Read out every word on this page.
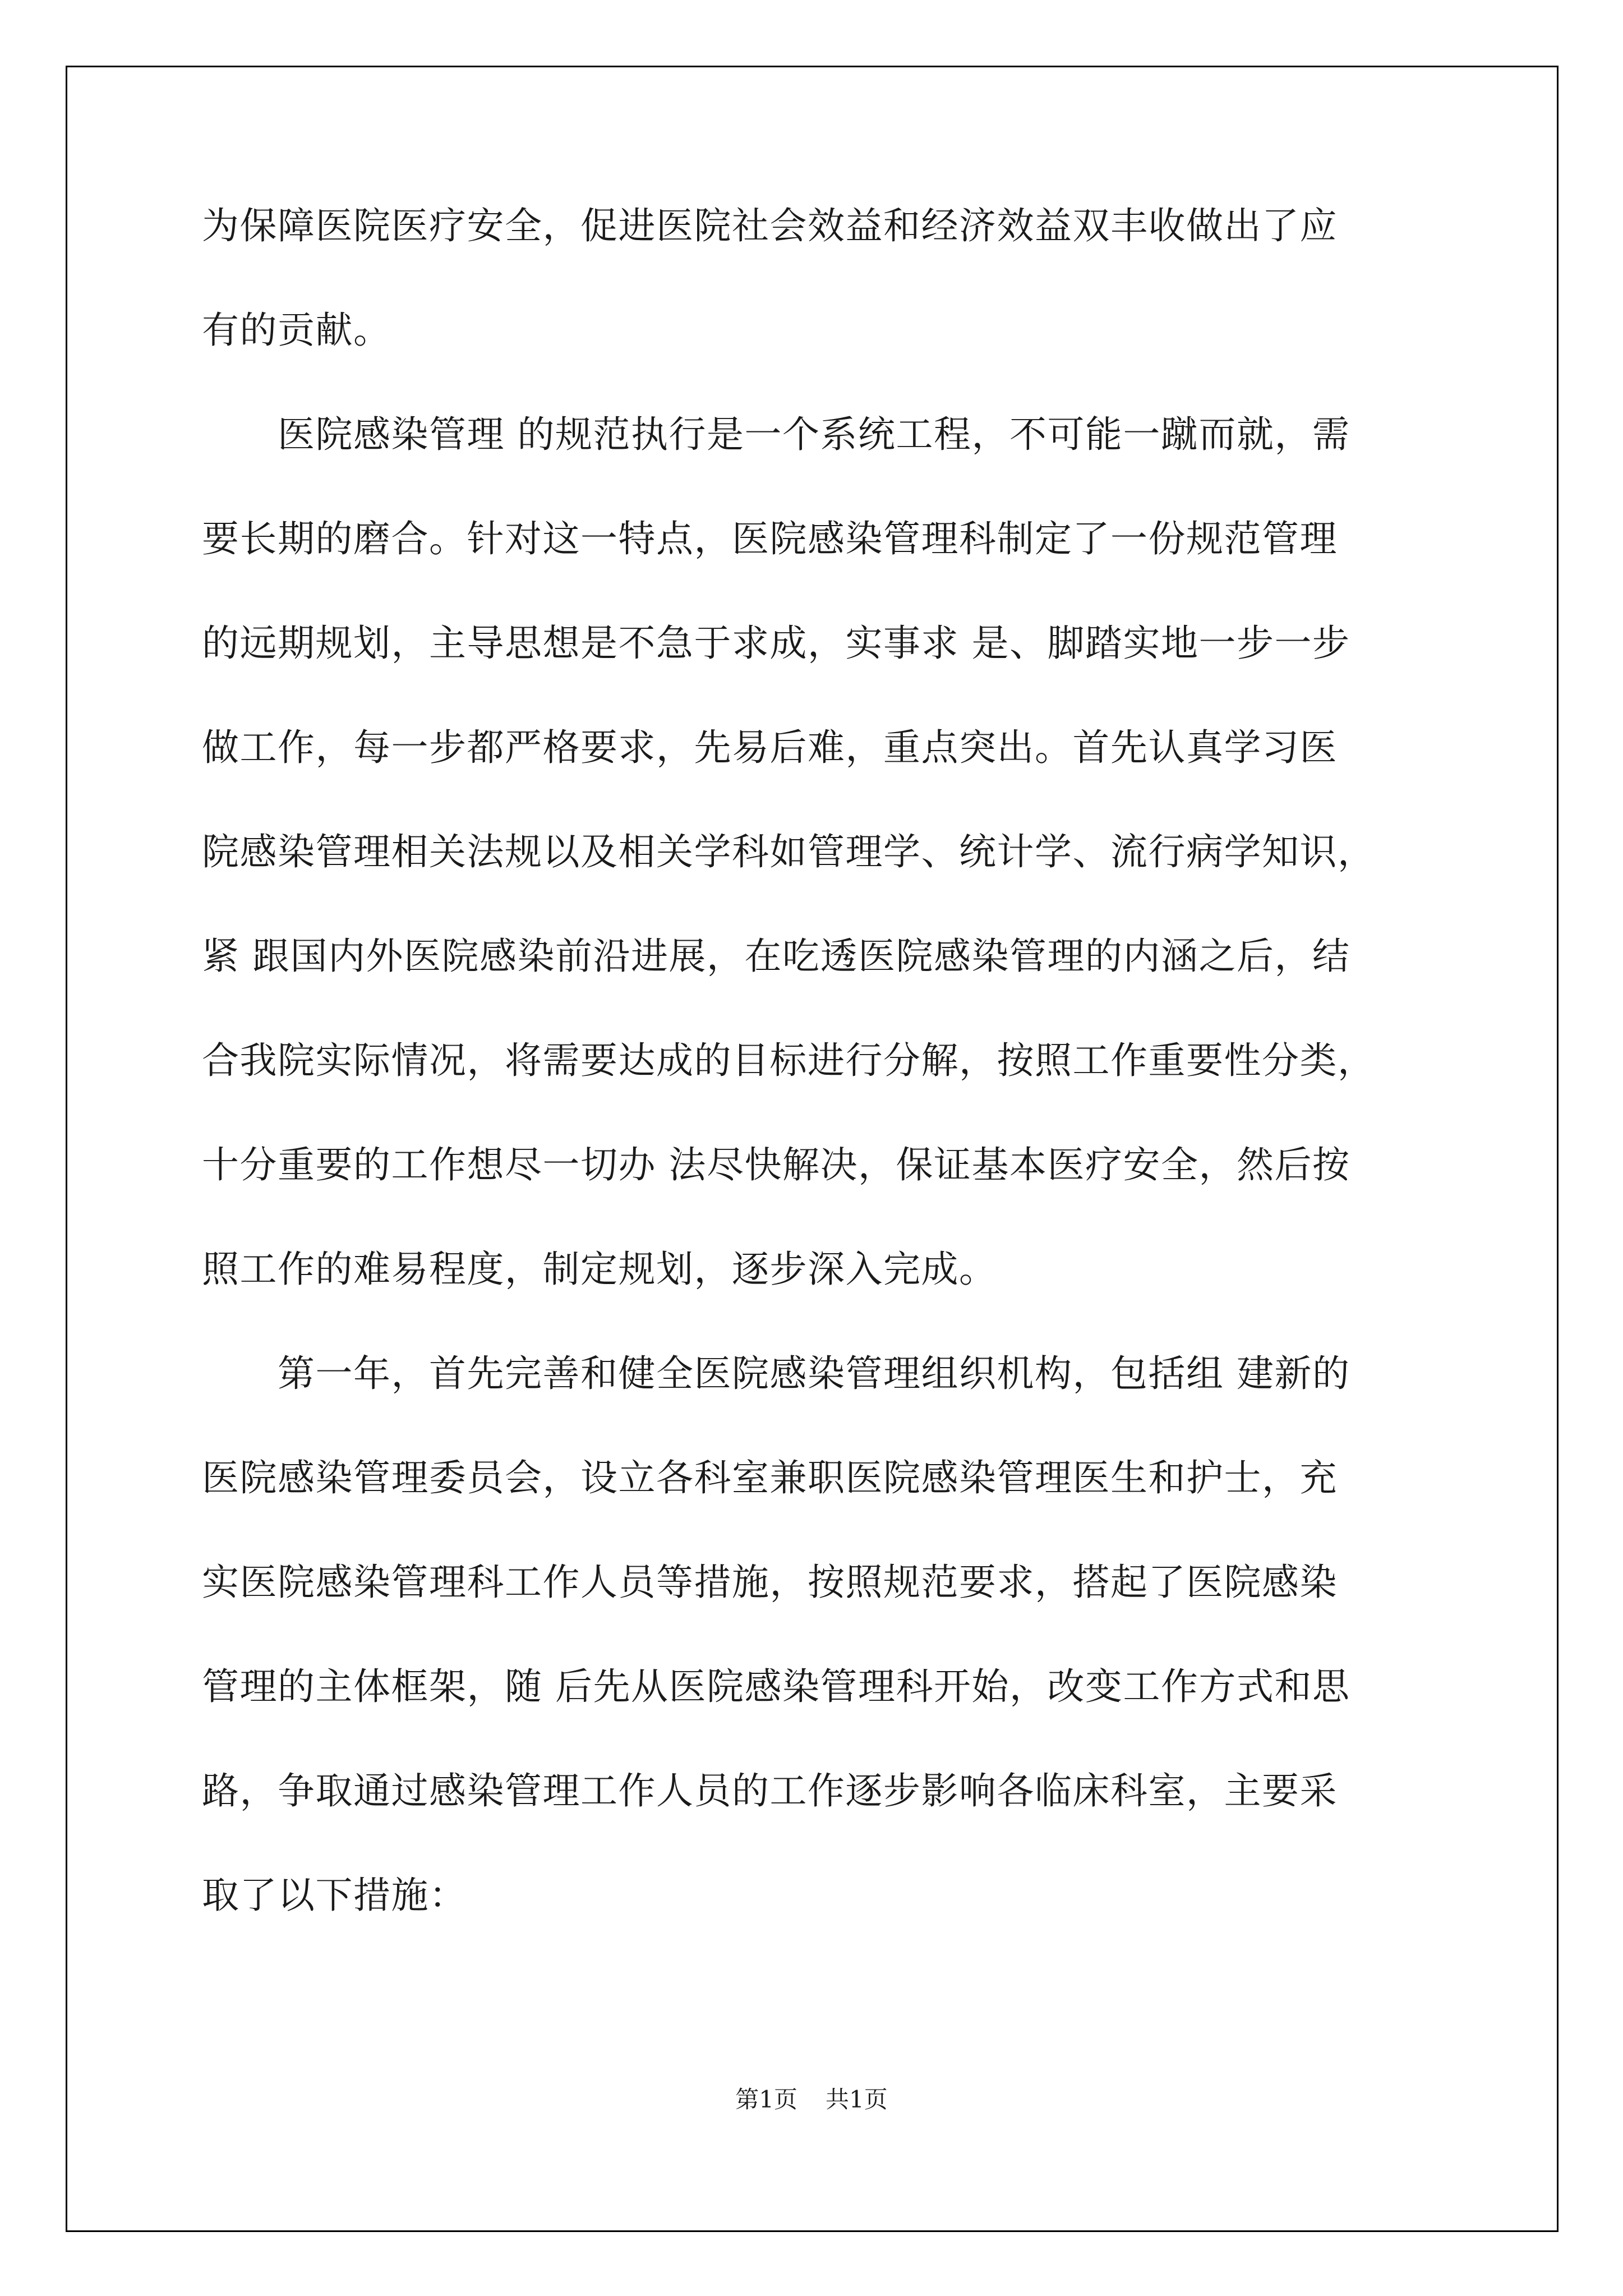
为保障医院医疗安全，促进医院社会效益和经济效益双丰收做出了应
有的贡献。
　　医院感染管理 的规范执行是一个系统工程，不可能一蹴而就，需
要长期的磨合。针对这一特点，医院感染管理科制定了一份规范管理
的远期规划，主导思想是不急于求成，实事求 是、脚踏实地一步一步
做工作，每一步都严格要求，先易后难，重点突出。首先认真学习医
院感染管理相关法规以及相关学科如管理学、统计学、流行病学知识，
紧 跟国内外医院感染前沿进展，在吃透医院感染管理的内涵之后，结
合我院实际情况，将需要达成的目标进行分解，按照工作重要性分类，
十分重要的工作想尽一切办 法尽快解决，保证基本医疗安全，然后按
照工作的难易程度，制定规划，逐步深入完成。
　　第一年，首先完善和健全医院感染管理组织机构，包括组 建新的
医院感染管理委员会，设立各科室兼职医院感染管理医生和护士，充
实医院感染管理科工作人员等措施，按照规范要求，搭起了医院感染
管理的主体框架，随 后先从医院感染管理科开始，改变工作方式和思
路，争取通过感染管理工作人员的工作逐步影响各临床科室，主要采
取了以下措施：
第1页 共1页
